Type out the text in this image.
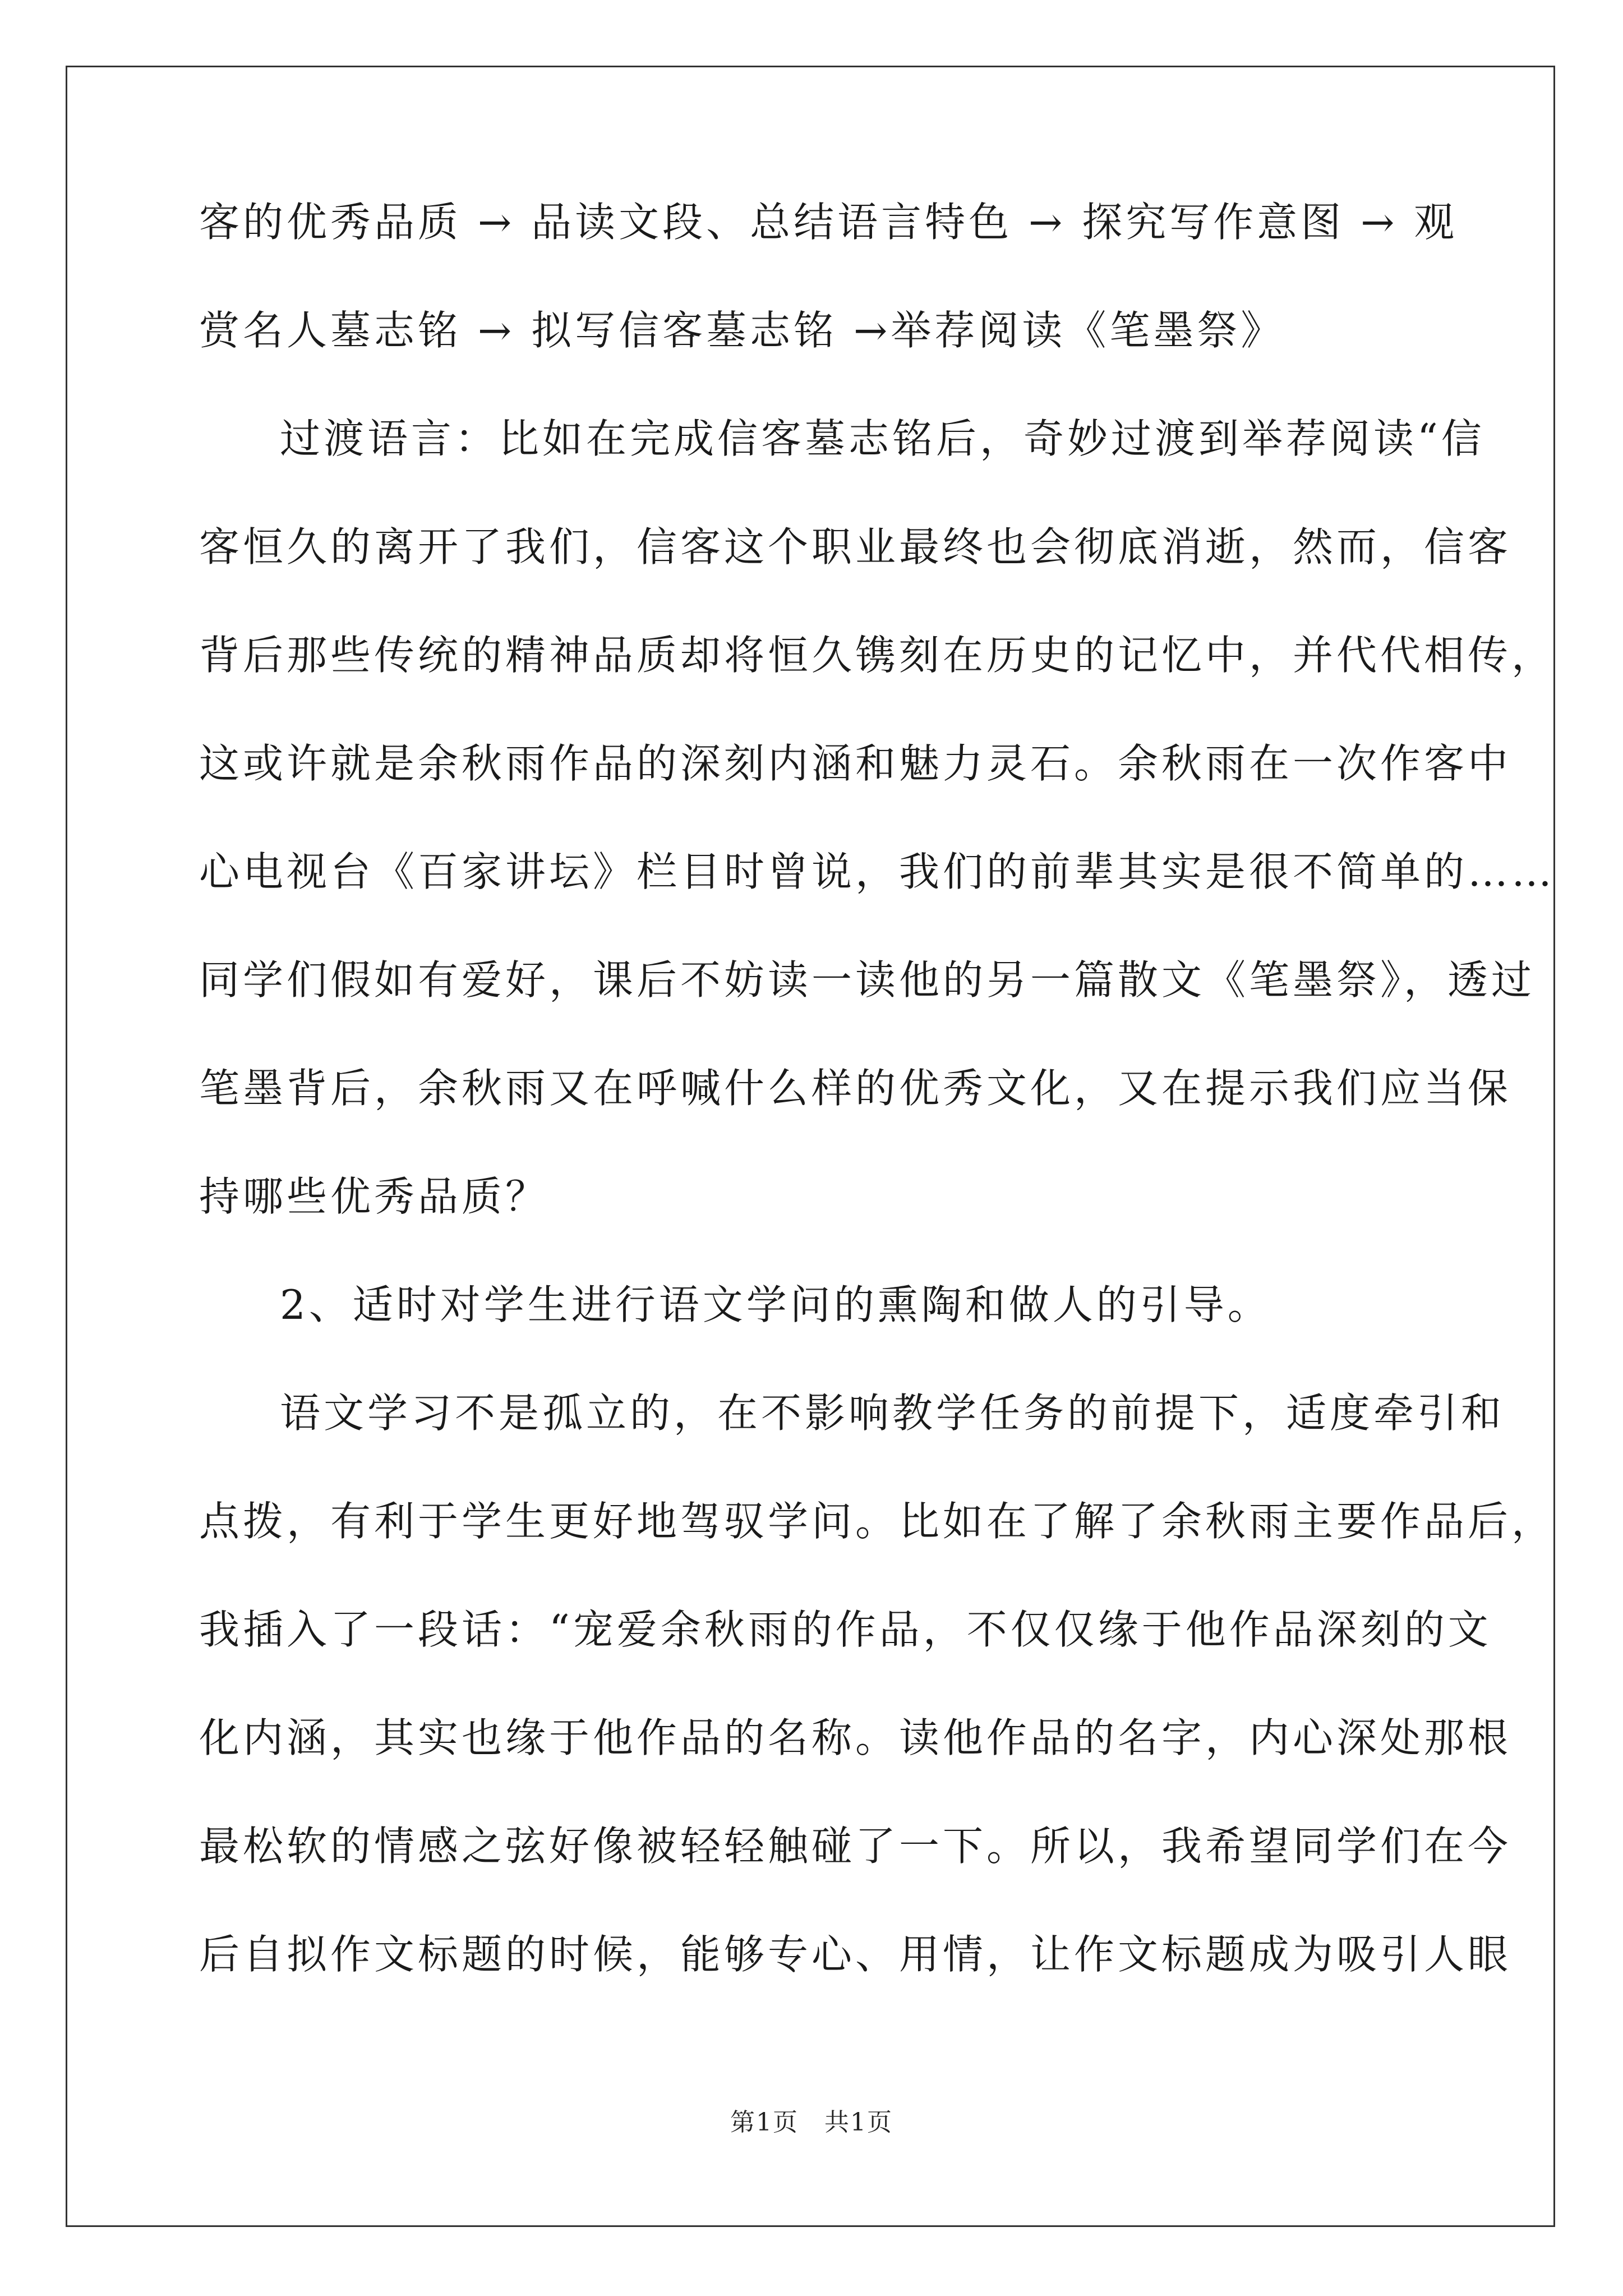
客的优秀品质 → 品读文段、总结语言特色 → 探究写作意图 → 观
赏名人墓志铭 → 拟写信客墓志铭 →举荐阅读《笔墨祭》
过渡语言：比如在完成信客墓志铭后，奇妙过渡到举荐阅读“信
客恒久的离开了我们，信客这个职业最终也会彻底消逝，然而，信客
背后那些传统的精神品质却将恒久镌刻在历史的记忆中，并代代相传，
这或许就是余秋雨作品的深刻内涵和魅力灵石。余秋雨在一次作客中
心电视台《百家讲坛》栏目时曾说，我们的前辈其实是很不简单的……
同学们假如有爱好，课后不妨读一读他的另一篇散文《笔墨祭》，透过
笔墨背后，余秋雨又在呼喊什么样的优秀文化，又在提示我们应当保
持哪些优秀品质？
2、适时对学生进行语文学问的熏陶和做人的引导。
语文学习不是孤立的，在不影响教学任务的前提下，适度牵引和
点拨，有利于学生更好地驾驭学问。比如在了解了余秋雨主要作品后，
我插入了一段话：“宠爱余秋雨的作品，不仅仅缘于他作品深刻的文
化内涵，其实也缘于他作品的名称。读他作品的名字，内心深处那根
最松软的情感之弦好像被轻轻触碰了一下。所以，我希望同学们在今
后自拟作文标题的时候，能够专心、用情，让作文标题成为吸引人眼
第1页　共1页
